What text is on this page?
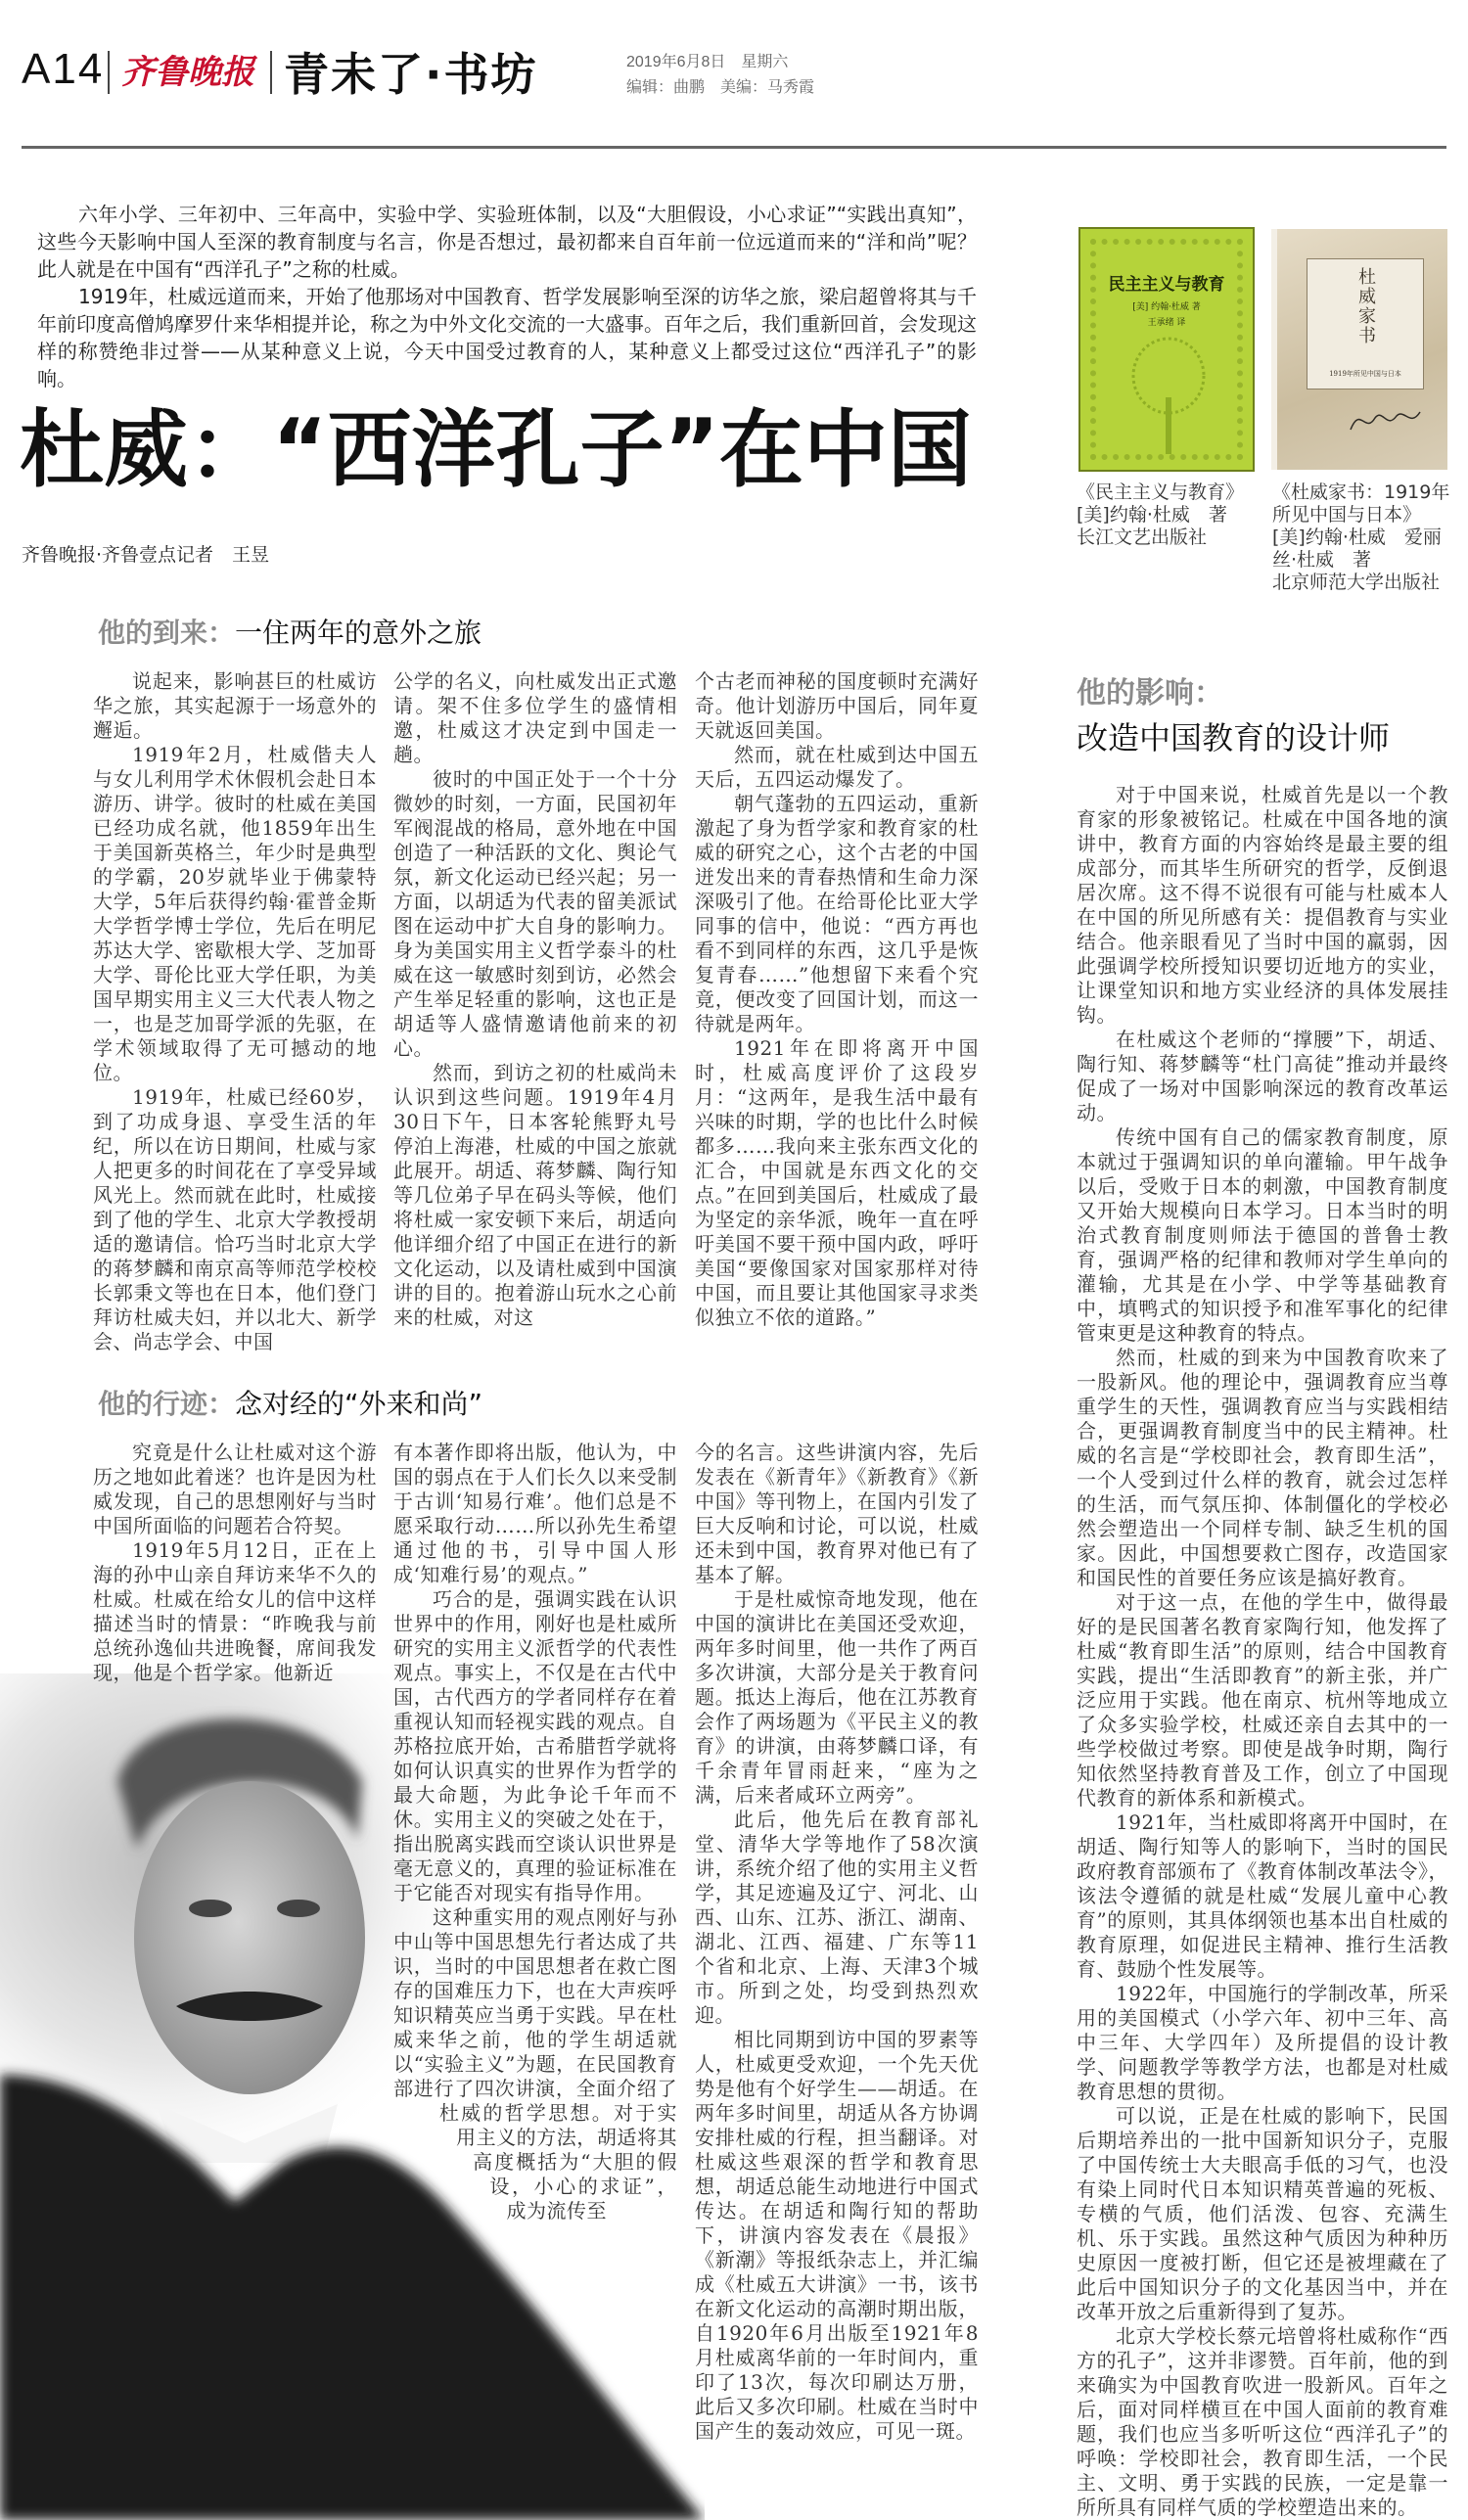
A14 齐鲁晚报 青未了·书坊	2019年6月8日　星期六
编辑：曲鹏　美编：马秀霞

六年小学、三年初中、三年高中，实验中学、实验班体制，以及“大胆假设，小心求证”“实践出真知”，这些今天影响中国人至深的教育制度与名言，你是否想过，最初都来自百年前一位远道而来的“洋和尚”呢？此人就是在中国有“西洋孔子”之称的杜威。

1919年，杜威远道而来，开始了他那场对中国教育、哲学发展影响至深的访华之旅，梁启超曾将其与千年前印度高僧鸠摩罗什来华相提并论，称之为中外文化交流的一大盛事。百年之后，我们重新回首，会发现这样的称赞绝非过誉——从某种意义上说，今天中国受过教育的人，某种意义上都受过这位“西洋孔子”的影响。

杜威：“西洋孔子”在中国
齐鲁晚报·齐鲁壹点记者　王昱
民主主义与教育
[美] 约翰·杜威 著
王承绪 译	杜威家书
1919年所见中国与日本
《民主主义与教育》
[美]约翰·杜威　著
长江文艺出版社
《杜威家书：1919年所见中国与日本》
[美]约翰·杜威　爱丽丝·杜威　著
北京师范大学出版社
他的到来：一住两年的意外之旅

说起来，影响甚巨的杜威访华之旅，其实起源于一场意外的邂逅。

1919年2月，杜威偕夫人与女儿利用学术休假机会赴日本游历、讲学。彼时的杜威在美国已经功成名就，他1859年出生于美国新英格兰，年少时是典型的学霸，20岁就毕业于佛蒙特大学，5年后获得约翰·霍普金斯大学哲学博士学位，先后在明尼苏达大学、密歇根大学、芝加哥大学、哥伦比亚大学任职，为美国早期实用主义三大代表人物之一，也是芝加哥学派的先驱，在学术领域取得了无可撼动的地位。

1919年，杜威已经60岁，到了功成身退、享受生活的年纪，所以在访日期间，杜威与家人把更多的时间花在了享受异域风光上。然而就在此时，杜威接到了他的学生、北京大学教授胡适的邀请信。恰巧当时北京大学的蒋梦麟和南京高等师范学校校长郭秉文等也在日本，他们登门拜访杜威夫妇，并以北大、新学会、尚志学会、中国

公学的名义，向杜威发出正式邀请。架不住多位学生的盛情相邀，杜威这才决定到中国走一趟。

彼时的中国正处于一个十分微妙的时刻，一方面，民国初年军阀混战的格局，意外地在中国创造了一种活跃的文化、舆论气氛，新文化运动已经兴起；另一方面，以胡适为代表的留美派试图在运动中扩大自身的影响力。身为美国实用主义哲学泰斗的杜威在这一敏感时刻到访，必然会产生举足轻重的影响，这也正是胡适等人盛情邀请他前来的初心。

然而，到访之初的杜威尚未认识到这些问题。1919年4月30日下午，日本客轮熊野丸号停泊上海港，杜威的中国之旅就此展开。胡适、蒋梦麟、陶行知等几位弟子早在码头等候，他们将杜威一家安顿下来后，胡适向他详细介绍了中国正在进行的新文化运动，以及请杜威到中国演讲的目的。抱着游山玩水之心前来的杜威，对这

个古老而神秘的国度顿时充满好奇。他计划游历中国后，同年夏天就返回美国。

然而，就在杜威到达中国五天后，五四运动爆发了。

朝气蓬勃的五四运动，重新激起了身为哲学家和教育家的杜威的研究之心，这个古老的中国迸发出来的青春热情和生命力深深吸引了他。在给哥伦比亚大学同事的信中，他说：“西方再也看不到同样的东西，这几乎是恢复青春……”他想留下来看个究竟，便改变了回国计划，而这一待就是两年。

1921年在即将离开中国时，杜威高度评价了这段岁月：“这两年，是我生活中最有兴味的时期，学的也比什么时候都多……我向来主张东西文化的汇合，中国就是东西文化的交点。”在回到美国后，杜威成了最为坚定的亲华派，晚年一直在呼吁美国不要干预中国内政，呼吁美国“要像国家对国家那样对待中国，而且要让其他国家寻求类似独立不依的道路。”

他的行迹：念对经的“外来和尚”

究竟是什么让杜威对这个游历之地如此着迷？也许是因为杜威发现，自己的思想刚好与当时中国所面临的问题若合符契。

1919年5月12日，正在上海的孙中山亲自拜访来华不久的杜威。杜威在给女儿的信中这样描述当时的情景：“昨晚我与前总统孙逸仙共进晚餐，席间我发现，他是个哲学家。他新近

有本著作即将出版，他认为，中国的弱点在于人们长久以来受制于古训‘知易行难’。他们总是不愿采取行动……所以孙先生希望通过他的书，引导中国人形成‘知难行易’的观点。”

巧合的是，强调实践在认识世界中的作用，刚好也是杜威所研究的实用主义派哲学的代表性观点。事实上，不仅是在古代中国，古代西方的学者同样存在着重视认知而轻视实践的观点。自苏格拉底开始，古希腊哲学就将如何认识真实的世界作为哲学的最大命题，为此争论千年而不休。实用主义的突破之处在于，指出脱离实践而空谈认识世界是毫无意义的，真理的验证标准在于它能否对现实有指导作用。

这种重实用的观点刚好与孙中山等中国思想先行者达成了共识，当时的中国思想者在救亡图存的国难压力下，也在大声疾呼知识精英应当勇于实践。早在杜威来华之前，他的学生胡适就以“实验主义”为题，在民国教育部进行了四次讲演，全面介绍了杜威的哲学思想。对于实用主义的方法，胡适将其高度概括为“大胆的假设，小心的求证”，成为流传至

今的名言。这些讲演内容，先后发表在《新青年》《新教育》《新中国》等刊物上，在国内引发了巨大反响和讨论，可以说，杜威还未到中国，教育界对他已有了基本了解。

于是杜威惊奇地发现，他在中国的演讲比在美国还受欢迎，两年多时间里，他一共作了两百多次讲演，大部分是关于教育问题。抵达上海后，他在江苏教育会作了两场题为《平民主义的教育》的讲演，由蒋梦麟口译，有千余青年冒雨赶来，“座为之满，后来者咸环立两旁”。

此后，他先后在教育部礼堂、清华大学等地作了58次演讲，系统介绍了他的实用主义哲学，其足迹遍及辽宁、河北、山西、山东、江苏、浙江、湖南、湖北、江西、福建、广东等11个省和北京、上海、天津3个城市。所到之处，均受到热烈欢迎。

相比同期到访中国的罗素等人，杜威更受欢迎，一个先天优势是他有个好学生——胡适。在两年多时间里，胡适从各方协调安排杜威的行程，担当翻译。对杜威这些艰深的哲学和教育思想，胡适总能生动地进行中国式传达。在胡适和陶行知的帮助下，讲演内容发表在《晨报》《新潮》等报纸杂志上，并汇编成《杜威五大讲演》一书，该书在新文化运动的高潮时期出版，自1920年6月出版至1921年8月杜威离华前的一年时间内，重印了13次，每次印刷达万册，此后又多次印刷。杜威在当时中国产生的轰动效应，可见一斑。

他的影响：
改造中国教育的设计师

对于中国来说，杜威首先是以一个教育家的形象被铭记。杜威在中国各地的演讲中，教育方面的内容始终是最主要的组成部分，而其毕生所研究的哲学，反倒退居次席。这不得不说很有可能与杜威本人在中国的所见所感有关：提倡教育与实业结合。他亲眼看见了当时中国的羸弱，因此强调学校所授知识要切近地方的实业，让课堂知识和地方实业经济的具体发展挂钩。

在杜威这个老师的“撑腰”下，胡适、陶行知、蒋梦麟等“杜门高徒”推动并最终促成了一场对中国影响深远的教育改革运动。

传统中国有自己的儒家教育制度，原本就过于强调知识的单向灌输。甲午战争以后，受败于日本的刺激，中国教育制度又开始大规模向日本学习。日本当时的明治式教育制度则师法于德国的普鲁士教育，强调严格的纪律和教师对学生单向的灌输，尤其是在小学、中学等基础教育中，填鸭式的知识授予和准军事化的纪律管束更是这种教育的特点。

然而，杜威的到来为中国教育吹来了一股新风。他的理论中，强调教育应当尊重学生的天性，强调教育应当与实践相结合，更强调教育制度当中的民主精神。杜威的名言是“学校即社会，教育即生活”，一个人受到过什么样的教育，就会过怎样的生活，而气氛压抑、体制僵化的学校必然会塑造出一个同样专制、缺乏生机的国家。因此，中国想要救亡图存，改造国家和国民性的首要任务应该是搞好教育。

对于这一点，在他的学生中，做得最好的是民国著名教育家陶行知，他发挥了杜威“教育即生活”的原则，结合中国教育实践，提出“生活即教育”的新主张，并广泛应用于实践。他在南京、杭州等地成立了众多实验学校，杜威还亲自去其中的一些学校做过考察。即使是战争时期，陶行知依然坚持教育普及工作，创立了中国现代教育的新体系和新模式。

1921年，当杜威即将离开中国时，在胡适、陶行知等人的影响下，当时的国民政府教育部颁布了《教育体制改革法令》，该法令遵循的就是杜威“发展儿童中心教育”的原则，其具体纲领也基本出自杜威的教育原理，如促进民主精神、推行生活教育、鼓励个性发展等。

1922年，中国施行的学制改革，所采用的美国模式（小学六年、初中三年、高中三年、大学四年）及所提倡的设计教学、问题教学等教学方法，也都是对杜威教育思想的贯彻。

可以说，正是在杜威的影响下，民国后期培养出的一批中国新知识分子，克服了中国传统士大夫眼高手低的习气，也没有染上同时代日本知识精英普遍的死板、专横的气质，他们活泼、包容、充满生机、乐于实践。虽然这种气质因为种种历史原因一度被打断，但它还是被埋藏在了此后中国知识分子的文化基因当中，并在改革开放之后重新得到了复苏。

北京大学校长蔡元培曾将杜威称作“西方的孔子”，这并非谬赞。百年前，他的到来确实为中国教育吹进一股新风。百年之后，面对同样横亘在中国人面前的教育难题，我们也应当多听听这位“西洋孔子”的呼唤：学校即社会，教育即生活，一个民主、文明、勇于实践的民族，一定是靠一所所具有同样气质的学校塑造出来的。
